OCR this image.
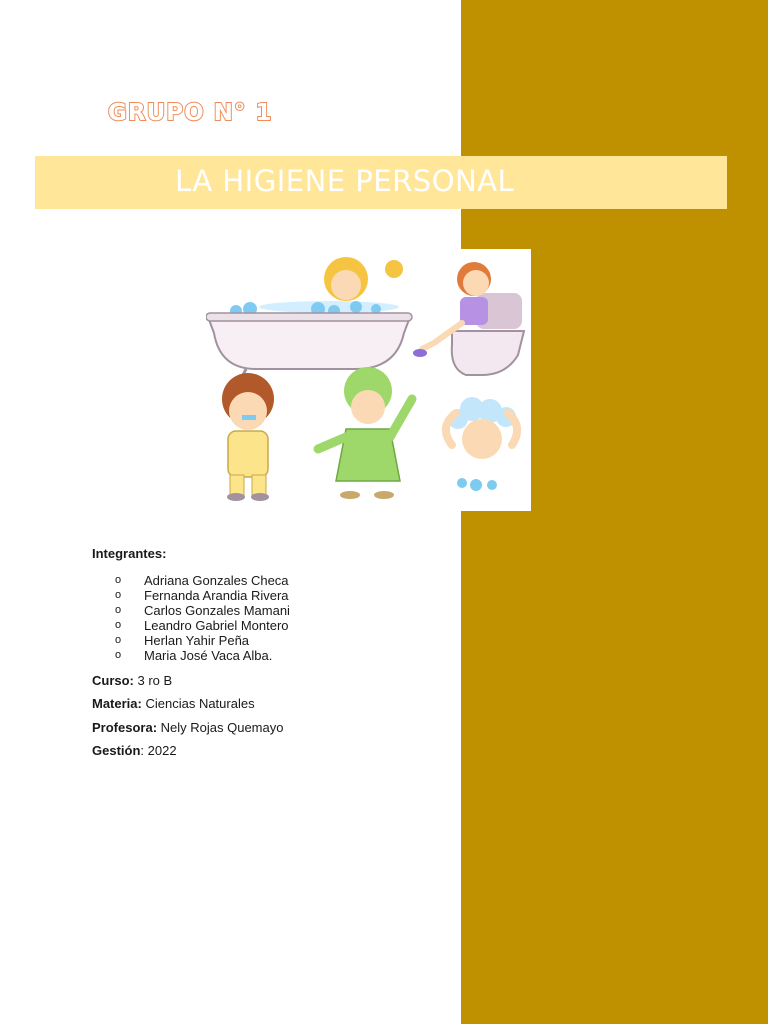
GRUPO N° 1
LA HIGIENE PERSONAL

Integrantes:

o Adriana Gonzales Checa
o Fernanda Arandia Rivera
o Carlos Gonzales Mamani
o Leandro Gabriel Montero
o Herlan Yahir Peña
o Maria José Vaca Alba.

Curso: 3 ro B

Materia: Ciencias Naturales

Profesora: Nely Rojas Quemayo

Gestión: 2022
